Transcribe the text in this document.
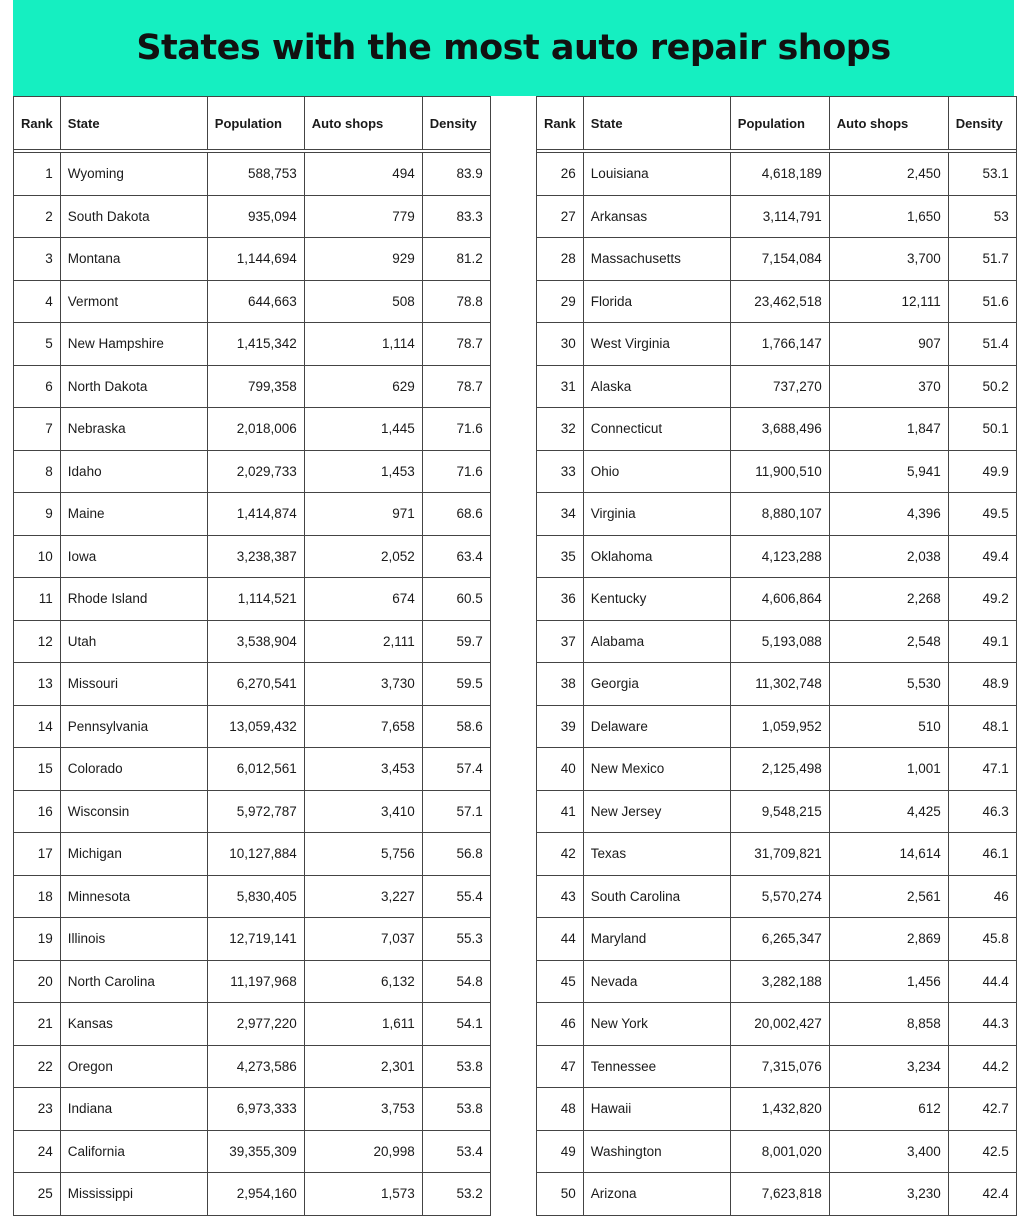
States with the most auto repair shops
Rank	State	Population	Auto shops	Density

1	Wyoming	588,753	494	83.9
2	South Dakota	935,094	779	83.3
3	Montana	1,144,694	929	81.2
4	Vermont	644,663	508	78.8
5	New Hampshire	1,415,342	1,114	78.7
6	North Dakota	799,358	629	78.7
7	Nebraska	2,018,006	1,445	71.6
8	Idaho	2,029,733	1,453	71.6
9	Maine	1,414,874	971	68.6
10	Iowa	3,238,387	2,052	63.4
11	Rhode Island	1,114,521	674	60.5
12	Utah	3,538,904	2,111	59.7
13	Missouri	6,270,541	3,730	59.5
14	Pennsylvania	13,059,432	7,658	58.6
15	Colorado	6,012,561	3,453	57.4
16	Wisconsin	5,972,787	3,410	57.1
17	Michigan	10,127,884	5,756	56.8
18	Minnesota	5,830,405	3,227	55.4
19	Illinois	12,719,141	7,037	55.3
20	North Carolina	11,197,968	6,132	54.8
21	Kansas	2,977,220	1,611	54.1
22	Oregon	4,273,586	2,301	53.8
23	Indiana	6,973,333	3,753	53.8
24	California	39,355,309	20,998	53.4
25	Mississippi	2,954,160	1,573	53.2
Rank	State	Population	Auto shops	Density

26	Louisiana	4,618,189	2,450	53.1
27	Arkansas	3,114,791	1,650	53
28	Massachusetts	7,154,084	3,700	51.7
29	Florida	23,462,518	12,111	51.6
30	West Virginia	1,766,147	907	51.4
31	Alaska	737,270	370	50.2
32	Connecticut	3,688,496	1,847	50.1
33	Ohio	11,900,510	5,941	49.9
34	Virginia	8,880,107	4,396	49.5
35	Oklahoma	4,123,288	2,038	49.4
36	Kentucky	4,606,864	2,268	49.2
37	Alabama	5,193,088	2,548	49.1
38	Georgia	11,302,748	5,530	48.9
39	Delaware	1,059,952	510	48.1
40	New Mexico	2,125,498	1,001	47.1
41	New Jersey	9,548,215	4,425	46.3
42	Texas	31,709,821	14,614	46.1
43	South Carolina	5,570,274	2,561	46
44	Maryland	6,265,347	2,869	45.8
45	Nevada	3,282,188	1,456	44.4
46	New York	20,002,427	8,858	44.3
47	Tennessee	7,315,076	3,234	44.2
48	Hawaii	1,432,820	612	42.7
49	Washington	8,001,020	3,400	42.5
50	Arizona	7,623,818	3,230	42.4
